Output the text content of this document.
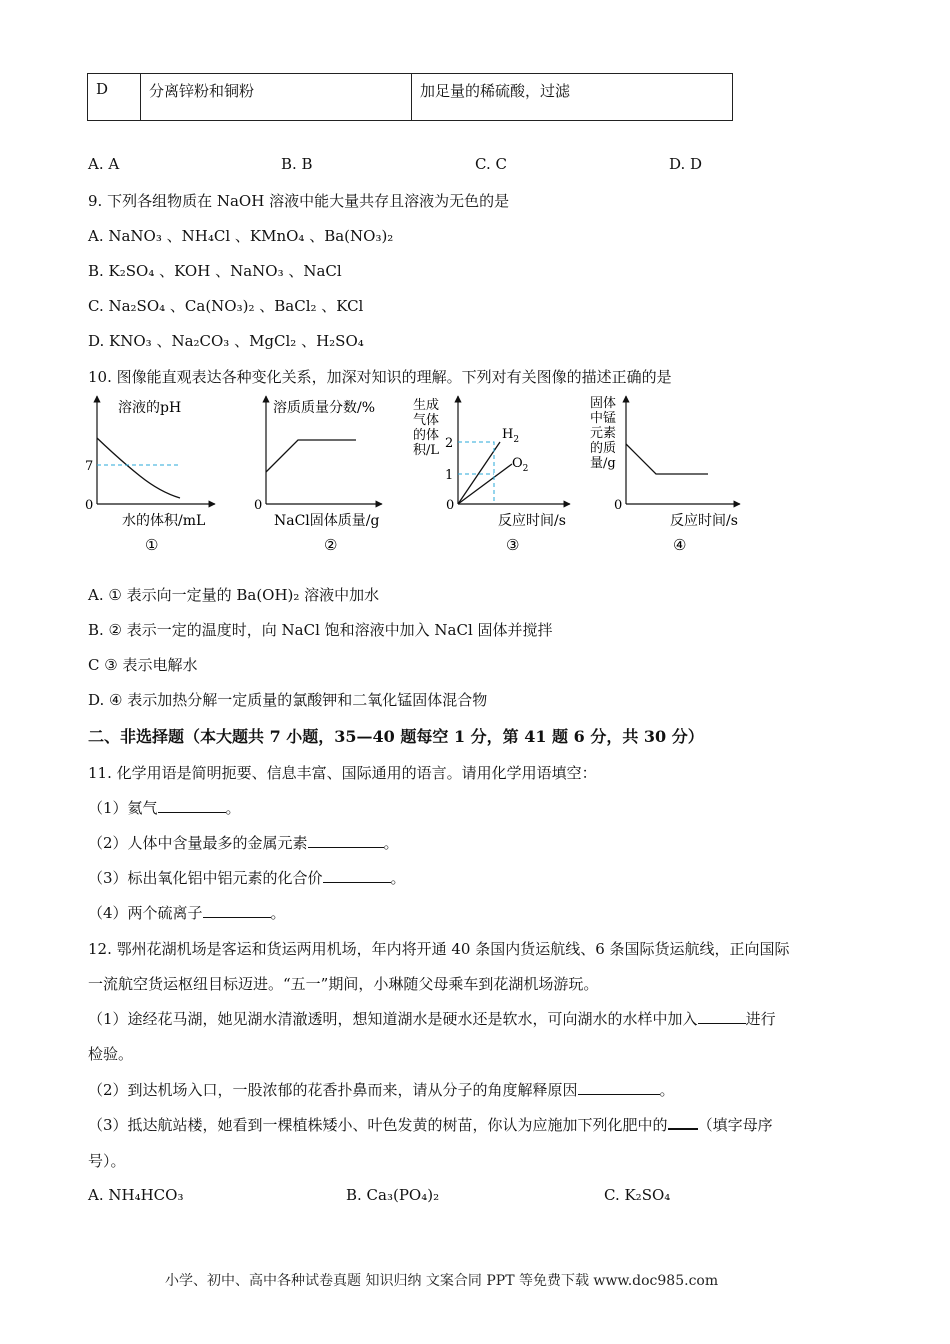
D	分离锌粉和铜粉	加足量的稀硫酸，过滤
A. A	B. B	C. C	D. D
9. 下列各组物质在 NaOH 溶液中能大量共存且溶液为无色的是
A. NaNO₃ 、NH₄Cl 、KMnO₄ 、Ba(NO₃)₂
B. K₂SO₄ 、KOH 、NaNO₃ 、NaCl
C. Na₂SO₄ 、Ca(NO₃)₂ 、BaCl₂ 、KCl
D. KNO₃ 、Na₂CO₃ 、MgCl₂ 、H₂SO₄
10. 图像能直观表达各种变化关系，加深对知识的理解。下列对有关图像的描述正确的是
溶液的pH
7
0
水的体积/mL
①
溶质质量分数/%
0
NaCl固体质量/g
②
生成
气体
的体
积/L 2
1
0
$H_2$
$O_2$
反应时间/s
③
固体
中锰
元素
的质
量/g
0
反应时间/s
④
A. ① 表示向一定量的 Ba(OH)₂ 溶液中加水
B. ② 表示一定的温度时，向 NaCl 饱和溶液中加入 NaCl 固体并搅拌
C ③ 表示电解水
D. ④ 表示加热分解一定质量的氯酸钾和二氧化锰固体混合物
二、非选择题（本大题共 7 小题，35—40 题每空 1 分，第 41 题 6 分，共 30 分）
11. 化学用语是简明扼要、信息丰富、国际通用的语言。请用化学用语填空：
（1）氦气	。
（2）人体中含量最多的金属元素	。
（3）标出氧化铝中铝元素的化合价	。
（4）两个硫离子	。
12. 鄂州花湖机场是客运和货运两用机场，年内将开通 40 条国内货运航线、6 条国际货运航线，正向国际
一流航空货运枢纽目标迈进。“五一”期间，小琳随父母乘车到花湖机场游玩。
（1）途经花马湖，她见湖水清澈透明，想知道湖水是硬水还是软水，可向湖水的水样中加入	进行
检验。
（2）到达机场入口，一股浓郁的花香扑鼻而来，请从分子的角度解释原因	。
（3）抵达航站楼，她看到一棵植株矮小、叶色发黄的树苗，你认为应施加下列化肥中的 （填字母序
号）。
A. NH₄HCO₃	B. Ca₃(PO₄)₂	C. K₂SO₄
小学、初中、高中各种试卷真题 知识归纳 文案合同 PPT 等免费下载 www.doc985.com
